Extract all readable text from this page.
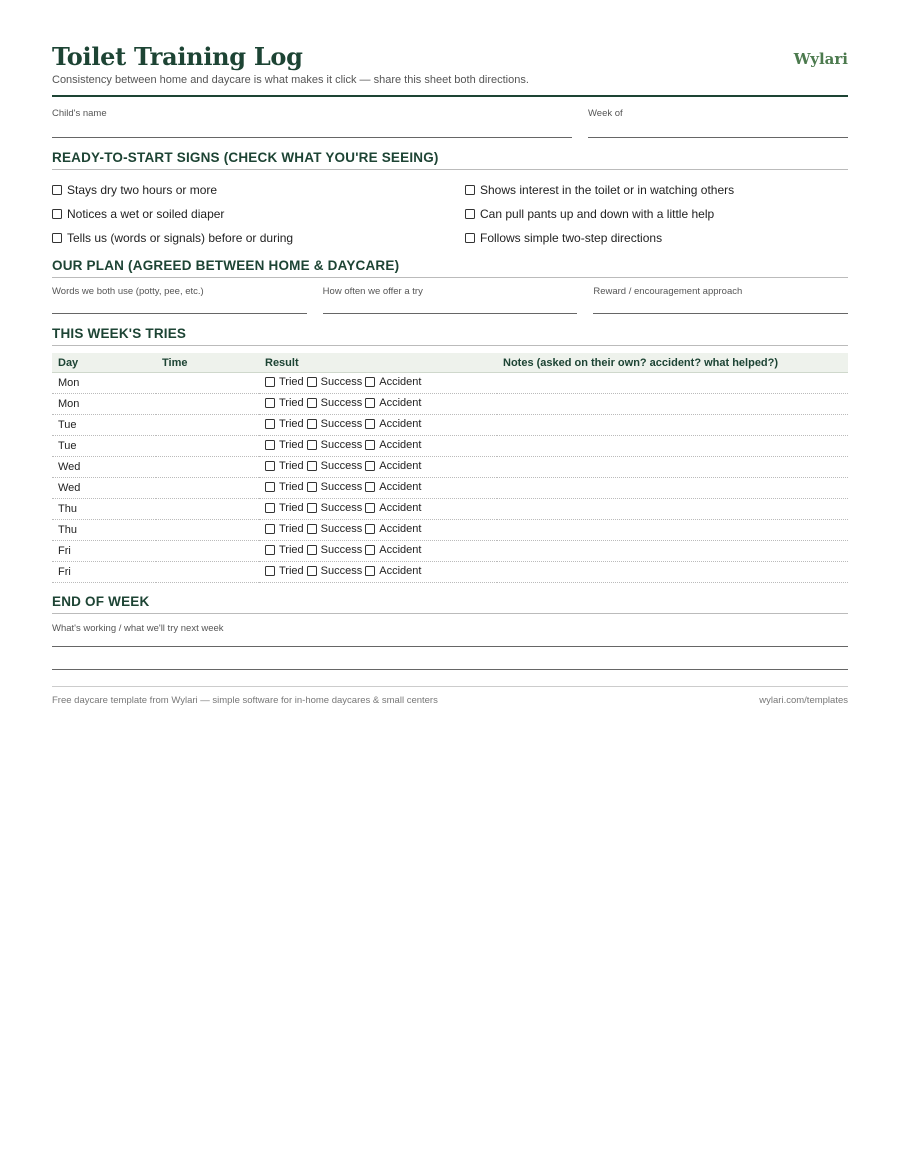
Toilet Training Log
Consistency between home and daycare is what makes it click — share this sheet both directions.
Wylari
Child's name	Week of
READY-TO-START SIGNS (CHECK WHAT YOU'RE SEEING)
Stays dry two hours or more	Shows interest in the toilet or in watching others
Notices a wet or soiled diaper	Can pull pants up and down with a little help
Tells us (words or signals) before or during	Follows simple two-step directions
OUR PLAN (AGREED BETWEEN HOME & DAYCARE)
Words we both use (potty, pee, etc.)	How often we offer a try	Reward / encouragement approach
THIS WEEK'S TRIES
Day	Time	Result	Notes (asked on their own? accident? what helped?)
Mon		Tried Success Accident	

Mon		Tried Success Accident	

Tue		Tried Success Accident	

Tue		Tried Success Accident	

Wed		Tried Success Accident	

Wed		Tried Success Accident	

Thu		Tried Success Accident	

Thu		Tried Success Accident	

Fri		Tried Success Accident	

Fri		Tried Success Accident	

END OF WEEK
What's working / what we'll try next week
Free daycare template from Wylari — simple software for in-home daycares & small centers	wylari.com/templates
